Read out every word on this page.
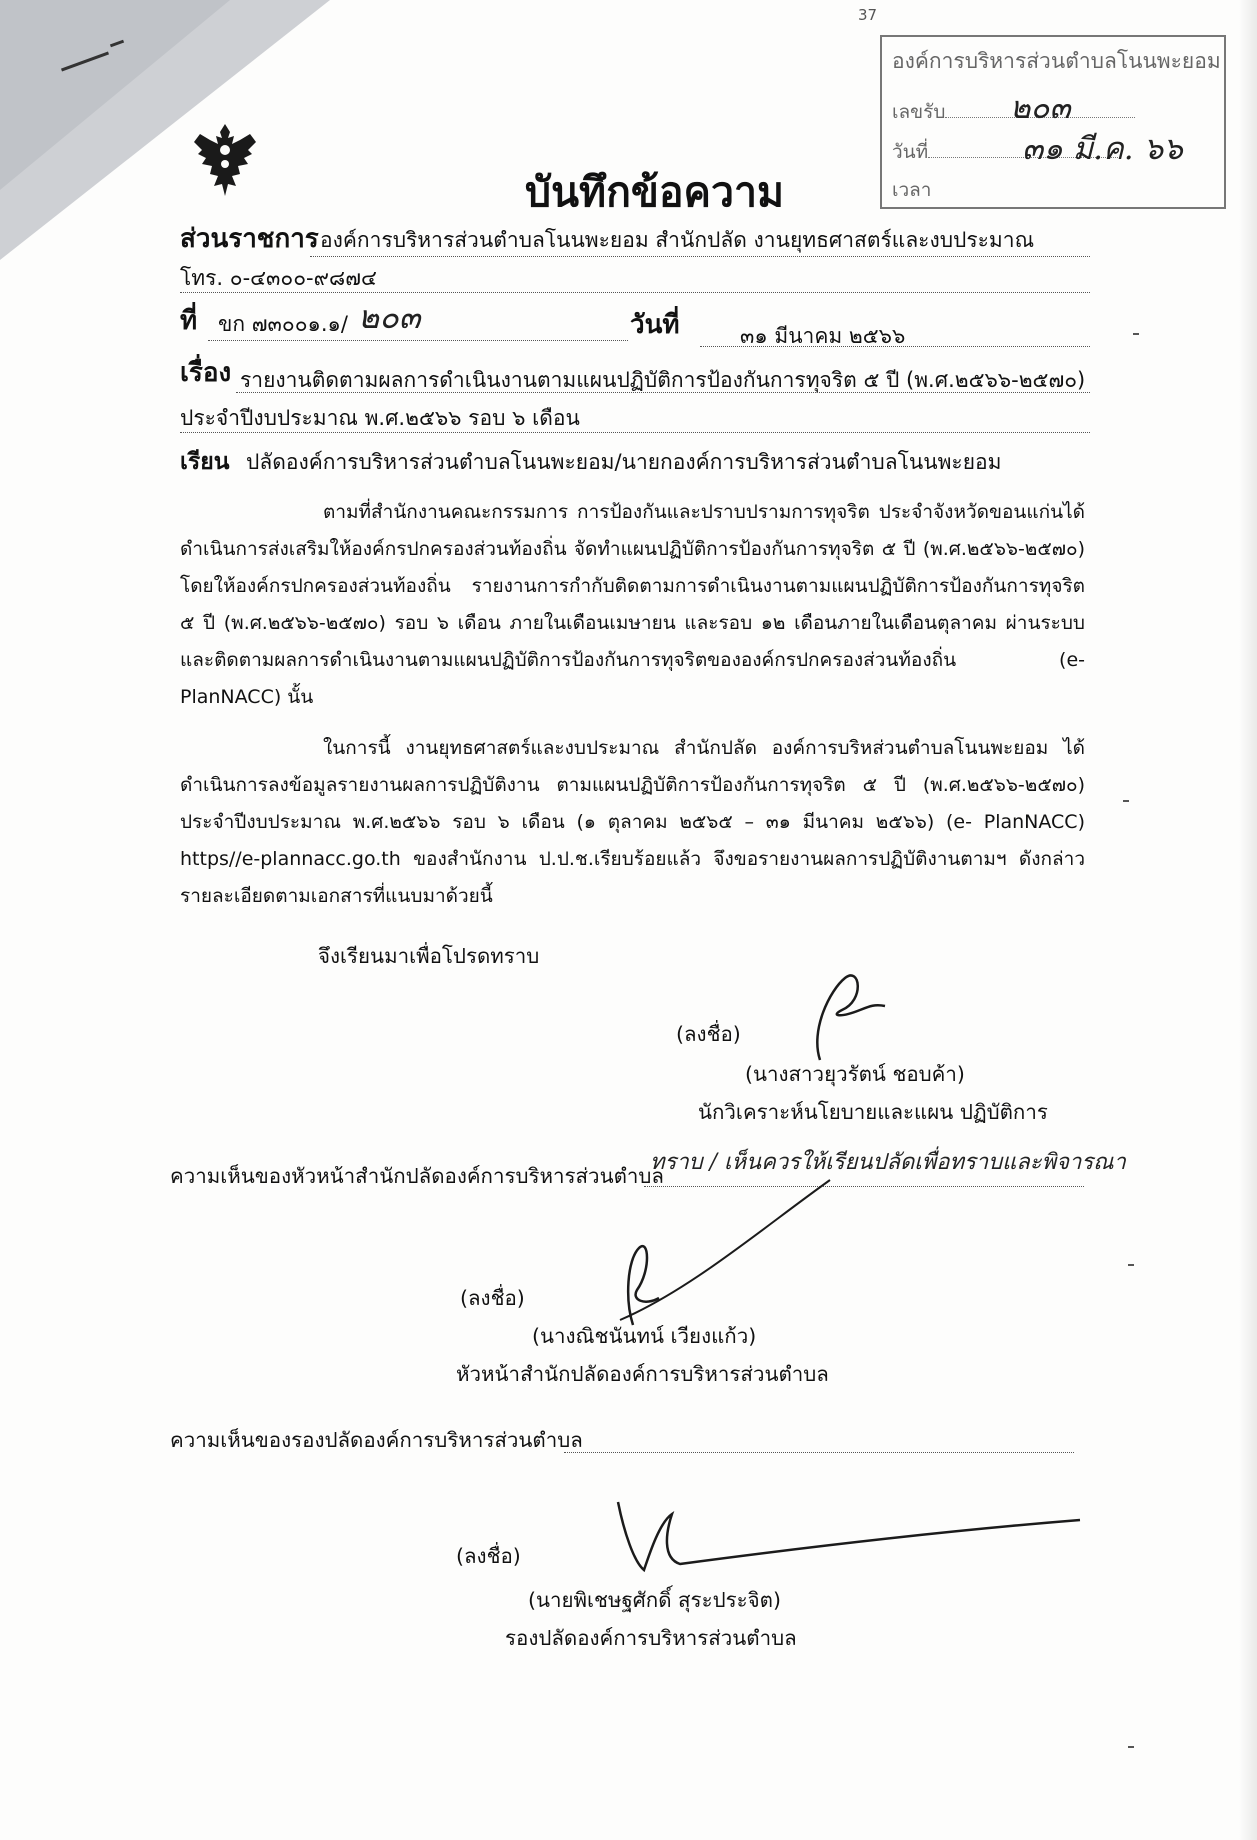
37
องค์การบริหารส่วนตำบลโนนพะยอม
เลขรับ	๒๐๓
วันที่	๓๑ มี.ค. ๖๖
เวลา
บันทึกข้อความ
ส่วนราชการ องค์การบริหารส่วนตำบลโนนพะยอม สำนักปลัด งานยุทธศาสตร์และงบประมาณ
โทร. ๐-๔๓๐๐-๙๘๗๔
ที่ ขก ๗๓๐๐๑.๑/ ๒๐๓	วันที่	๓๑ มีนาคม ๒๕๖๖
เรื่อง รายงานติดตามผลการดำเนินงานตามแผนปฏิบัติการป้องกันการทุจริต ๕ ปี (พ.ศ.๒๕๖๖-๒๕๗๐)
ประจำปีงบประมาณ พ.ศ.๒๕๖๖ รอบ ๖ เดือน
เรียน ปลัดองค์การบริหารส่วนตำบลโนนพะยอม/นายกองค์การบริหารส่วนตำบลโนนพะยอม
ตามที่สำนักงานคณะกรรมการ การป้องกันและปราบปรามการทุจริต ประจำจังหวัดขอนแก่นได้ดำเนินการส่งเสริมให้องค์กรปกครองส่วนท้องถิ่น จัดทำแผนปฏิบัติการป้องกันการทุจริต ๕ ปี (พ.ศ.๒๕๖๖-๒๕๗๐) โดยให้องค์กรปกครองส่วนท้องถิ่น รายงานการกำกับติดตามการดำเนินงานตามแผนปฏิบัติการป้องกันการทุจริต ๕ ปี (พ.ศ.๒๕๖๖-๒๕๗๐) รอบ ๖ เดือน ภายในเดือนเมษายน และรอบ ๑๒ เดือนภายในเดือนตุลาคม ผ่านระบบและติดตามผลการดำเนินงานตามแผนปฏิบัติการป้องกันการทุจริตขององค์กรปกครองส่วนท้องถิ่น (e-PlanNACC) นั้น
ในการนี้ งานยุทธศาสตร์และงบประมาณ สำนักปลัด องค์การบริหส่วนตำบลโนนพะยอม ได้ดำเนินการลงข้อมูลรายงานผลการปฏิบัติงาน ตามแผนปฏิบัติการป้องกันการทุจริต ๕ ปี (พ.ศ.๒๕๖๖-๒๕๗๐) ประจำปีงบประมาณ พ.ศ.๒๕๖๖ รอบ ๖ เดือน (๑ ตุลาคม ๒๕๖๕ – ๓๑ มีนาคม ๒๕๖๖) (e- PlanNACC) https//e-plannacc.go.th ของสำนักงาน ป.ป.ช.เรียบร้อยแล้ว จึงขอรายงานผลการปฏิบัติงานตามฯ ดังกล่าว รายละเอียดตามเอกสารที่แนบมาด้วยนี้
จึงเรียนมาเพื่อโปรดทราบ
(ลงชื่อ)
(นางสาวยุวรัตน์ ชอบค้า)
นักวิเคราะห์นโยบายและแผน ปฏิบัติการ
ความเห็นของหัวหน้าสำนักปลัดองค์การบริหารส่วนตำบล
ทราบ / เห็นควรให้เรียนปลัดเพื่อทราบและพิจารณา
(ลงชื่อ)
(นางณิชนันทน์ เวียงแก้ว)
หัวหน้าสำนักปลัดองค์การบริหารส่วนตำบล
ความเห็นของรองปลัดองค์การบริหารส่วนตำบล
(ลงชื่อ)
(นายพิเชษฐศักดิ์ สุระประจิต)
รองปลัดองค์การบริหารส่วนตำบล
